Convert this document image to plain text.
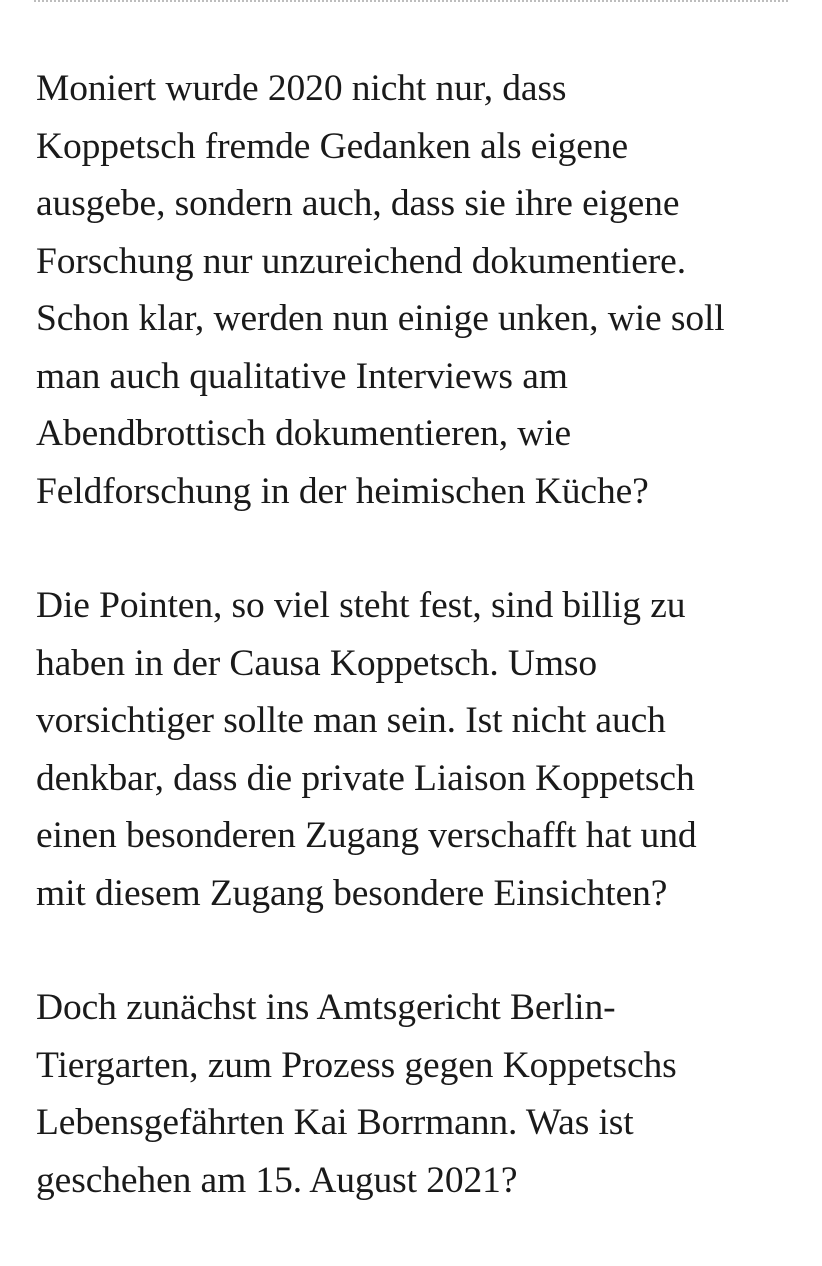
Moniert wurde 2020 nicht nur, dass
Koppetsch fremde Gedanken als eigene
ausgebe, sondern auch, dass sie ihre eigene
Forschung nur unzureichend dokumentiere.
Schon klar, werden nun einige unken, wie soll
man auch qualitative Interviews am
Abendbrottisch dokumentieren, wie
Feldforschung in der heimischen Küche?

Die Pointen, so viel steht fest, sind billig zu
haben in der Causa Koppetsch. Umso
vorsichtiger sollte man sein. Ist nicht auch
denkbar, dass die private Liaison Koppetsch
einen besonderen Zugang verschafft hat und
mit diesem Zugang besondere Einsichten?

Doch zunächst ins Amtsgericht Berlin-
Tiergarten, zum Prozess gegen Koppetschs
Lebensgefährten Kai Borrmann. Was ist
geschehen am 15. August 2021?
